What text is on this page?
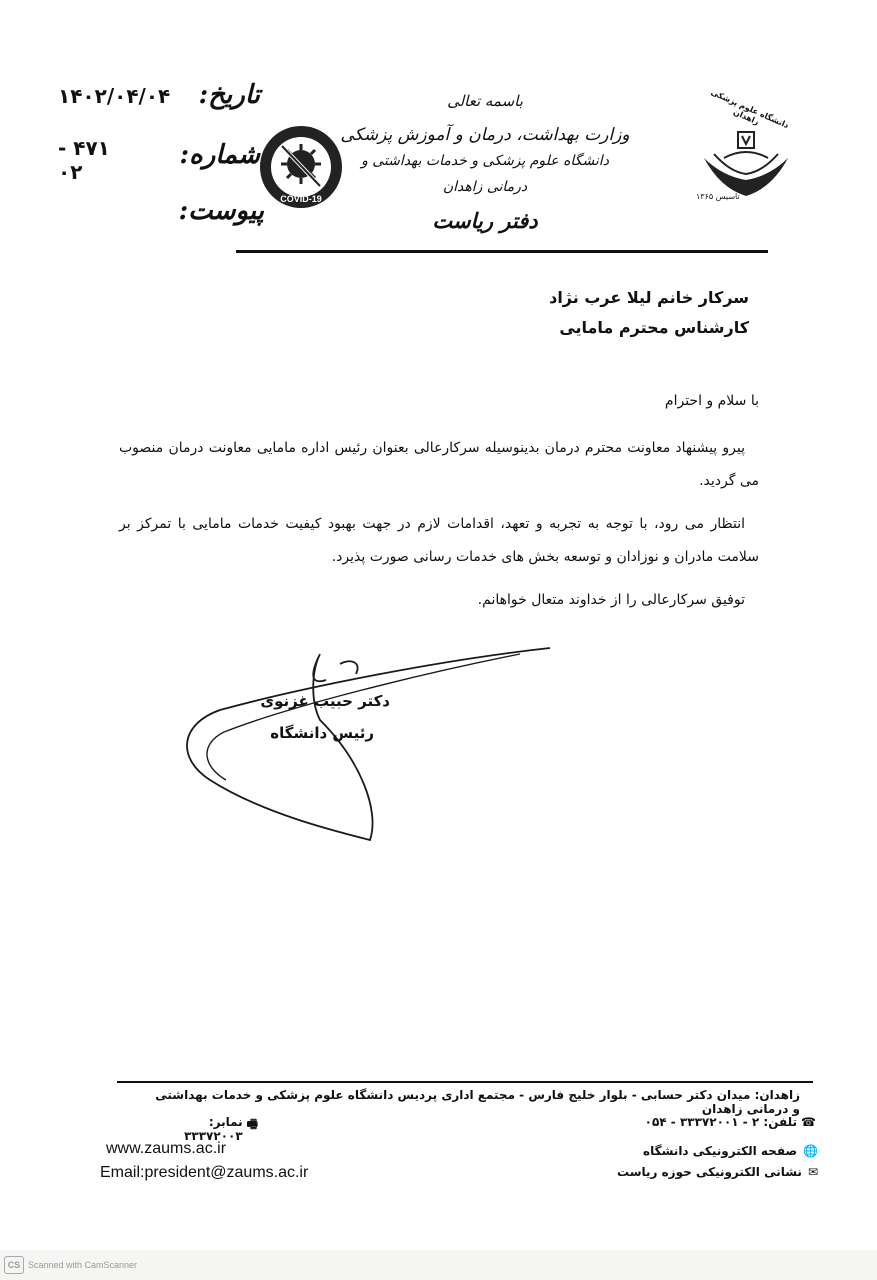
۱۴۰۲/۰۴/۰۴	تاریخ:
۴۷۱ - ۰۲
شماره:
پیوست: COVID-19
باسمه تعالی
وزارت بهداشت، درمان و آموزش پزشکی
دانشگاه علوم پزشکی و خدمات بهداشتی و درمانی زاهدان
دفتر ریاست
دانشگاه علوم پزشکی زاهدان
تاسیس ۱۳۶۵
سرکار خانم لیلا عرب نژاد
کارشناس محترم مامایی
با سلام و احترام
پیرو پیشنهاد معاونت محترم درمان بدینوسیله سرکارعالی بعنوان رئیس اداره مامایی معاونت درمان منصوب می گردید.
انتظار می رود، با توجه به تجربه و تعهد، اقدامات لازم در جهت بهبود کیفیت خدمات مامایی با تمرکز بر سلامت مادران و نوزادان و توسعه بخش های خدمات رسانی صورت پذیرد.
توفیق سرکارعالی را از خداوند متعال خواهانم.
دکتر حبیب غزنوی
رئیس دانشگاه
زاهدان: میدان دکتر حسابی - بلوار خلیج فارس - مجتمع اداری پردیس دانشگاه علوم پزشکی و خدمات بهداشتی و درمانی زاهدان
☎
تلفن: ۲ - ۳۳۳۷۲۰۰۱ - ۰۵۴
🖷
نمابر: ۳۳۳۷۲۰۰۳
🌐
صفحه الکترونیکی دانشگاه
✉
نشانی الکترونیکی حوزه ریاست
www.zaums.ac.ir
Email:president@zaums.ac.ir
CS Scanned with CamScanner
